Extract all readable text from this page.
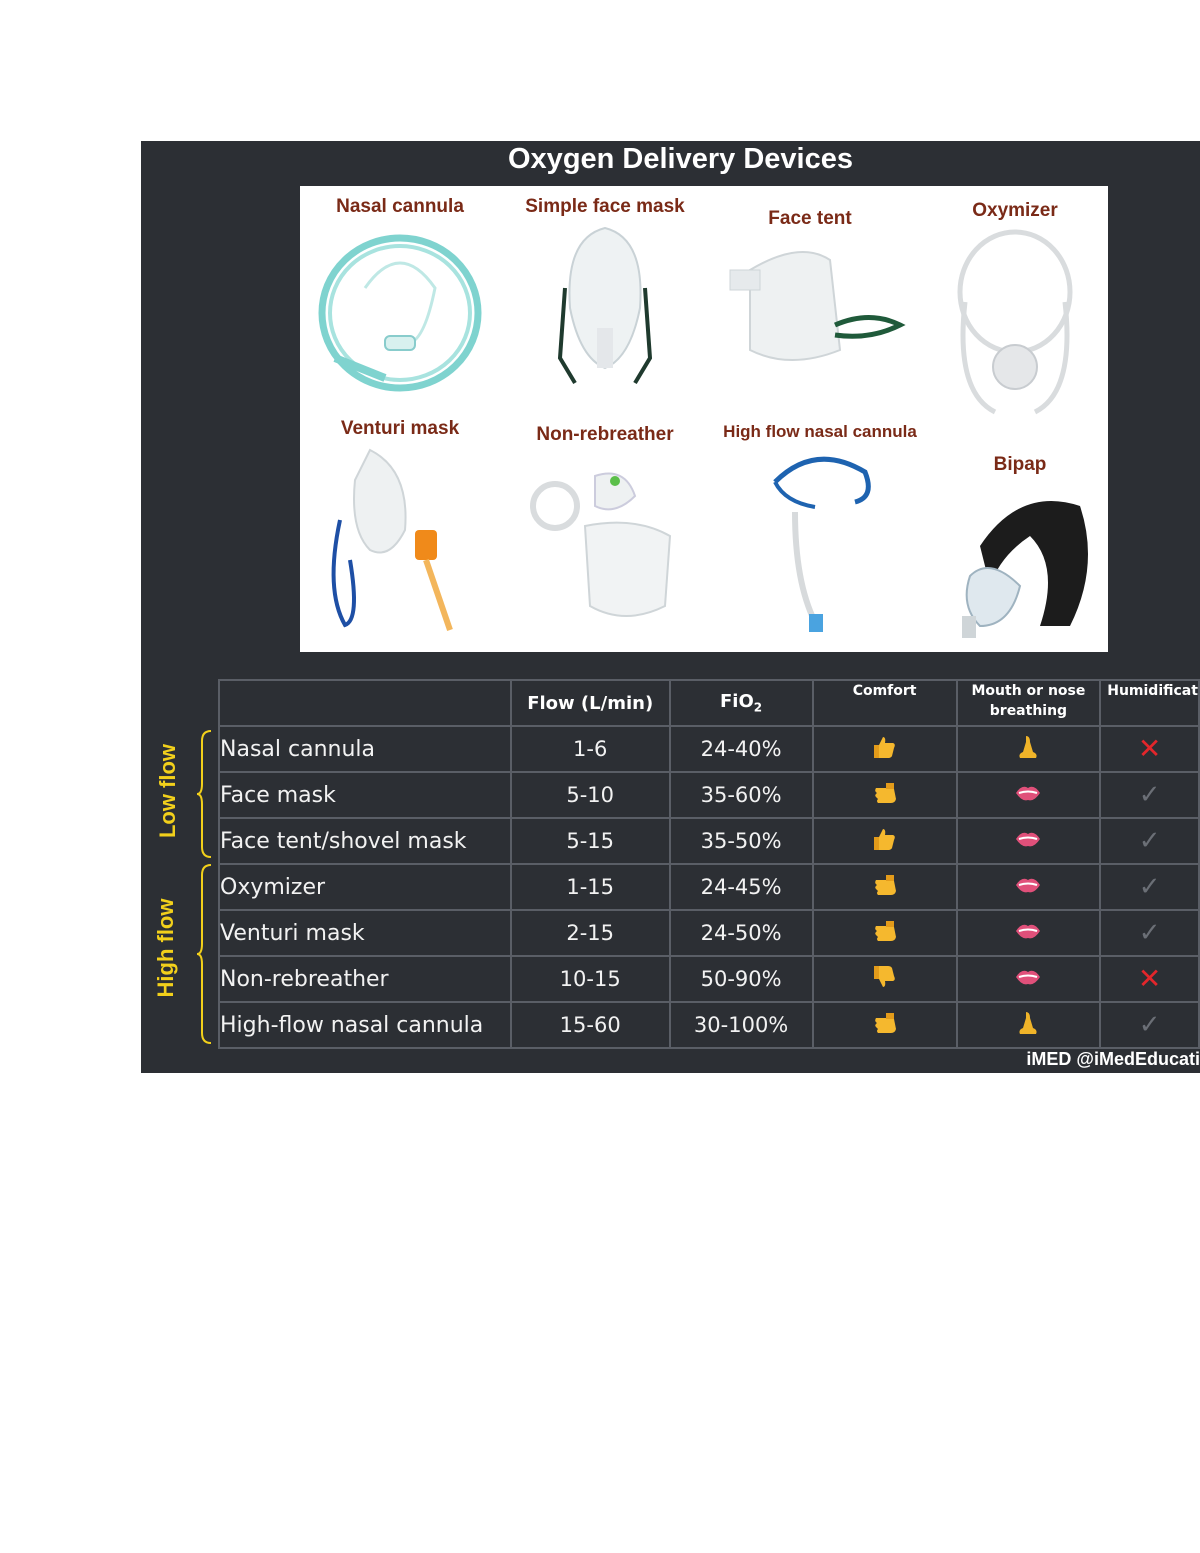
Oxygen Delivery Devices
Nasal cannula	Simple face mask
Face tent	Oxymizer
Venturi mask	Non-rebreather	High flow nasal cannula
Bipap
Low flow
High flow
	Flow (L/min)	FiO$_2$	Comfort	Mouth or nose breathing	Humidificat
Nasal cannula	1-6	24-40%			✕
Face mask	5-10	35-60%			✓
Face tent/shovel mask	5-15	35-50%			✓
Oxymizer	1-15	24-45%			✓
Venturi mask	2-15	24-50%			✓
Non-rebreather	10-15	50-90%			✕
High-flow nasal cannula	15-60	30-100%			✓
iMED @iMedEducati
